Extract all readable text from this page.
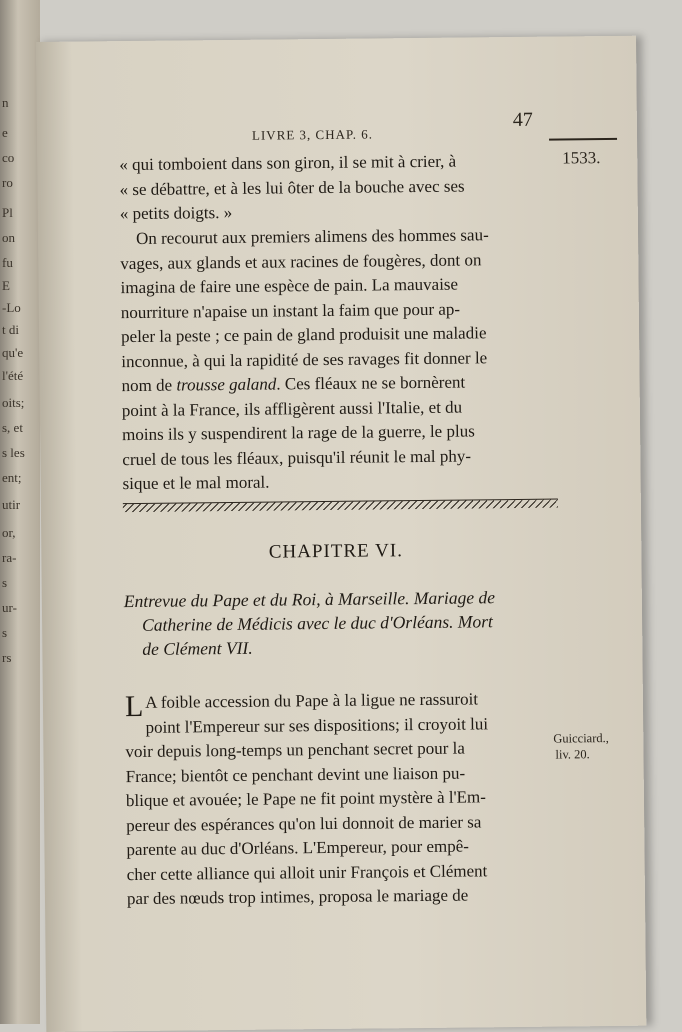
n
e
co
ro
Pl
on
fu
E
-Lo
t di
qu'e
l'été
oits;
s, et
s les
ent;
utir
or,
ra-
s
ur-
s
rs
LIVRE 3, CHAP. 6.
47
1533.

« qui tomboient dans son giron, il se mit à crier, à

« se débattre, et à les lui ôter de la bouche avec ses

« petits doigts. »

On recourut aux premiers alimens des hommes sau-

vages, aux glands et aux racines de fougères, dont on

imagina de faire une espèce de pain. La mauvaise

nourriture n'apaise un instant la faim que pour ap-

peler la peste ; ce pain de gland produisit une maladie

inconnue, à qui la rapidité de ses ravages fit donner le

nom de trousse galand. Ces fléaux ne se bornèrent

point à la France, ils affligèrent aussi l'Italie, et du

moins ils y suspendirent la rage de la guerre, le plus

cruel de tous les fléaux, puisqu'il réunit le mal phy-

sique et le mal moral.

CHAPITRE VI.
Entrevue du Pape et du Roi, à Marseille. Mariage de
Catherine de Médicis avec le duc d'Orléans. Mort
de Clément VII.

L A foible accession du Pape à la ligue ne rassuroit

point l'Empereur sur ses dispositions; il croyoit lui

voir depuis long-temps un penchant secret pour la

France; bientôt ce penchant devint une liaison pu-

blique et avouée; le Pape ne fit point mystère à l'Em-

pereur des espérances qu'on lui donnoit de marier sa

parente au duc d'Orléans. L'Empereur, pour empê-

cher cette alliance qui alloit unir François et Clément

par des nœuds trop intimes, proposa le mariage de

Guicciard.,
liv. 20.
